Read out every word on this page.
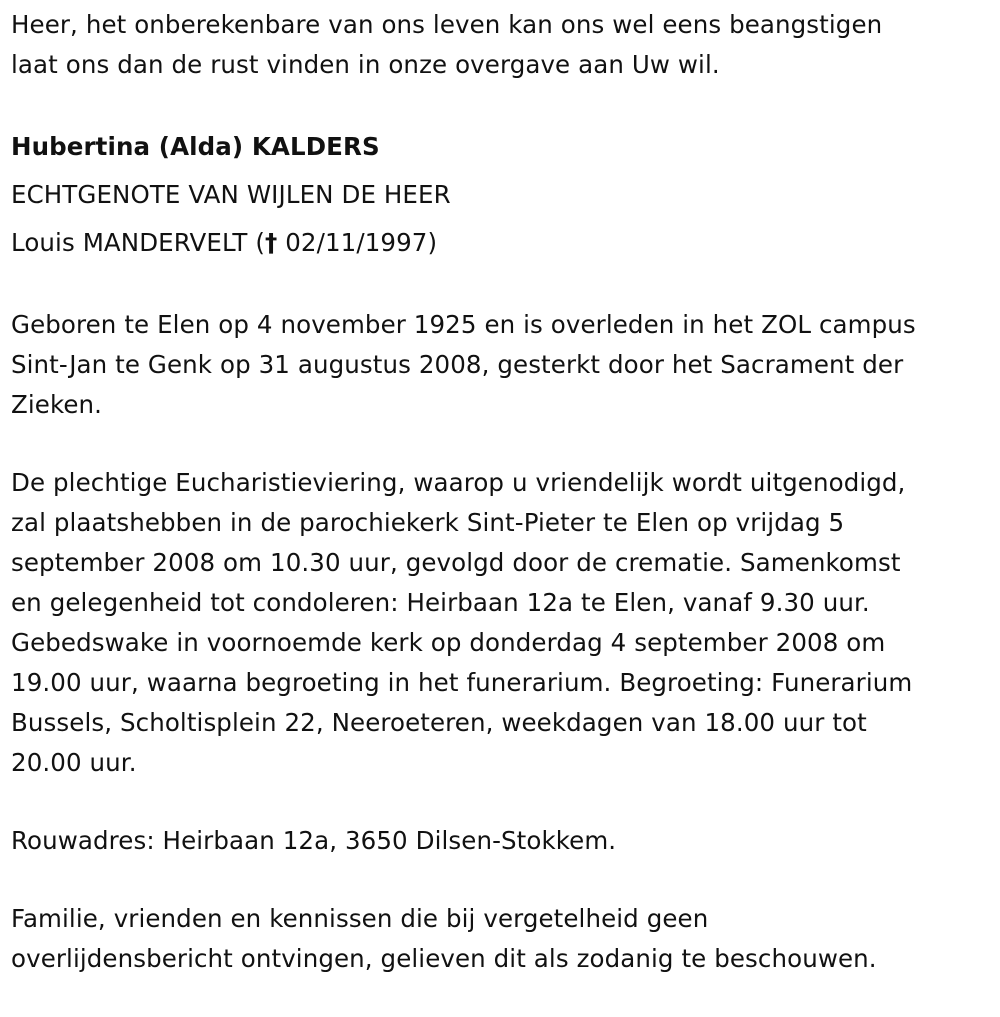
Heer, het onberekenbare van ons leven kan ons wel eens beangstigen
laat ons dan de rust vinden in onze overgave aan Uw wil.

Hubertina (Alda) KALDERS
ECHTGENOTE VAN WIJLEN DE HEER
Louis MANDERVELT († 02/11/1997)

Geboren te Elen op 4 november 1925 en is overleden in het ZOL campus
Sint-Jan te Genk op 31 augustus 2008, gesterkt door het Sacrament der
Zieken.

De plechtige Eucharistieviering, waarop u vriendelijk wordt uitgenodigd,
zal plaatshebben in de parochiekerk Sint-Pieter te Elen op vrijdag 5
september 2008 om 10.30 uur, gevolgd door de crematie. Samenkomst
en gelegenheid tot condoleren: Heirbaan 12a te Elen, vanaf 9.30 uur.
Gebedswake in voornoemde kerk op donderdag 4 september 2008 om
19.00 uur, waarna begroeting in het funerarium. Begroeting: Funerarium
Bussels, Scholtisplein 22, Neeroeteren, weekdagen van 18.00 uur tot
20.00 uur.

Rouwadres: Heirbaan 12a, 3650 Dilsen-Stokkem.

Familie, vrienden en kennissen die bij vergetelheid geen
overlijdensbericht ontvingen, gelieven dit als zodanig te beschouwen.
